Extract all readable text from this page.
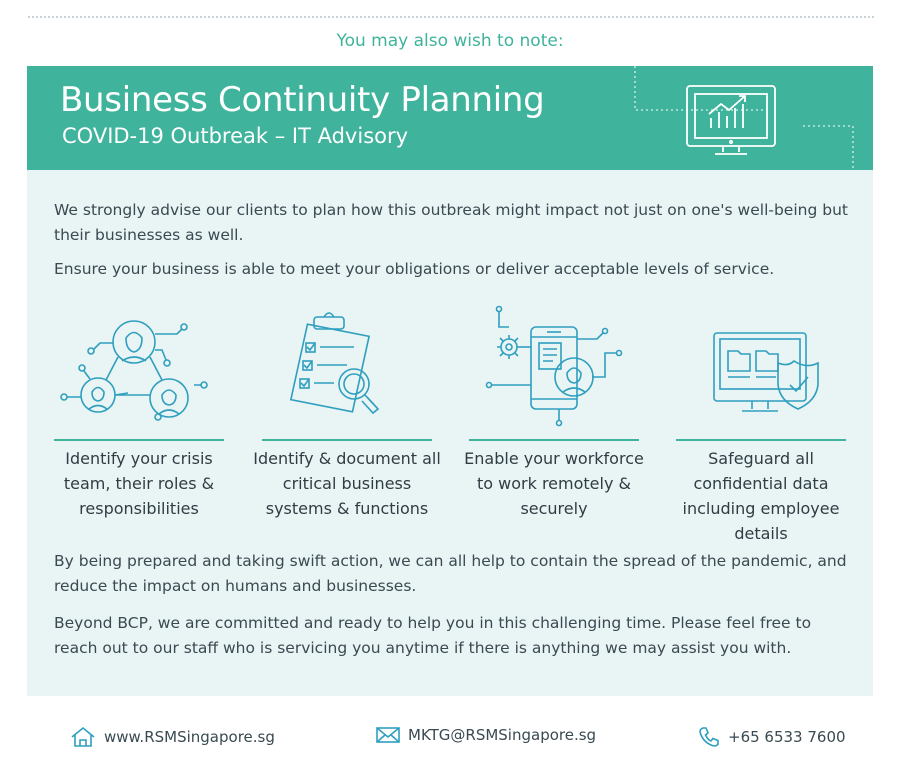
You may also wish to note:
Business Continuity Planning
COVID-19 Outbreak – IT Advisory

We strongly advise our clients to plan how this outbreak might impact not just on one's well-being but their businesses as well.

Ensure your business is able to meet your obligations or deliver acceptable levels of service.

Identify your crisis team, their roles & responsibilities

Identify & document all critical business systems & functions

Enable your workforce to work remotely & securely

Safeguard all confidential data including employee details

By being prepared and taking swift action, we can all help to contain the spread of the pandemic, and reduce the impact on humans and businesses.

Beyond BCP, we are committed and ready to help you in this challenging time. Please feel free to reach out to our staff who is servicing you anytime if there is anything we may assist you with.

www.RSMSingapore.sg	MKTG@RSMSingapore.sg	+65 6533 7600
